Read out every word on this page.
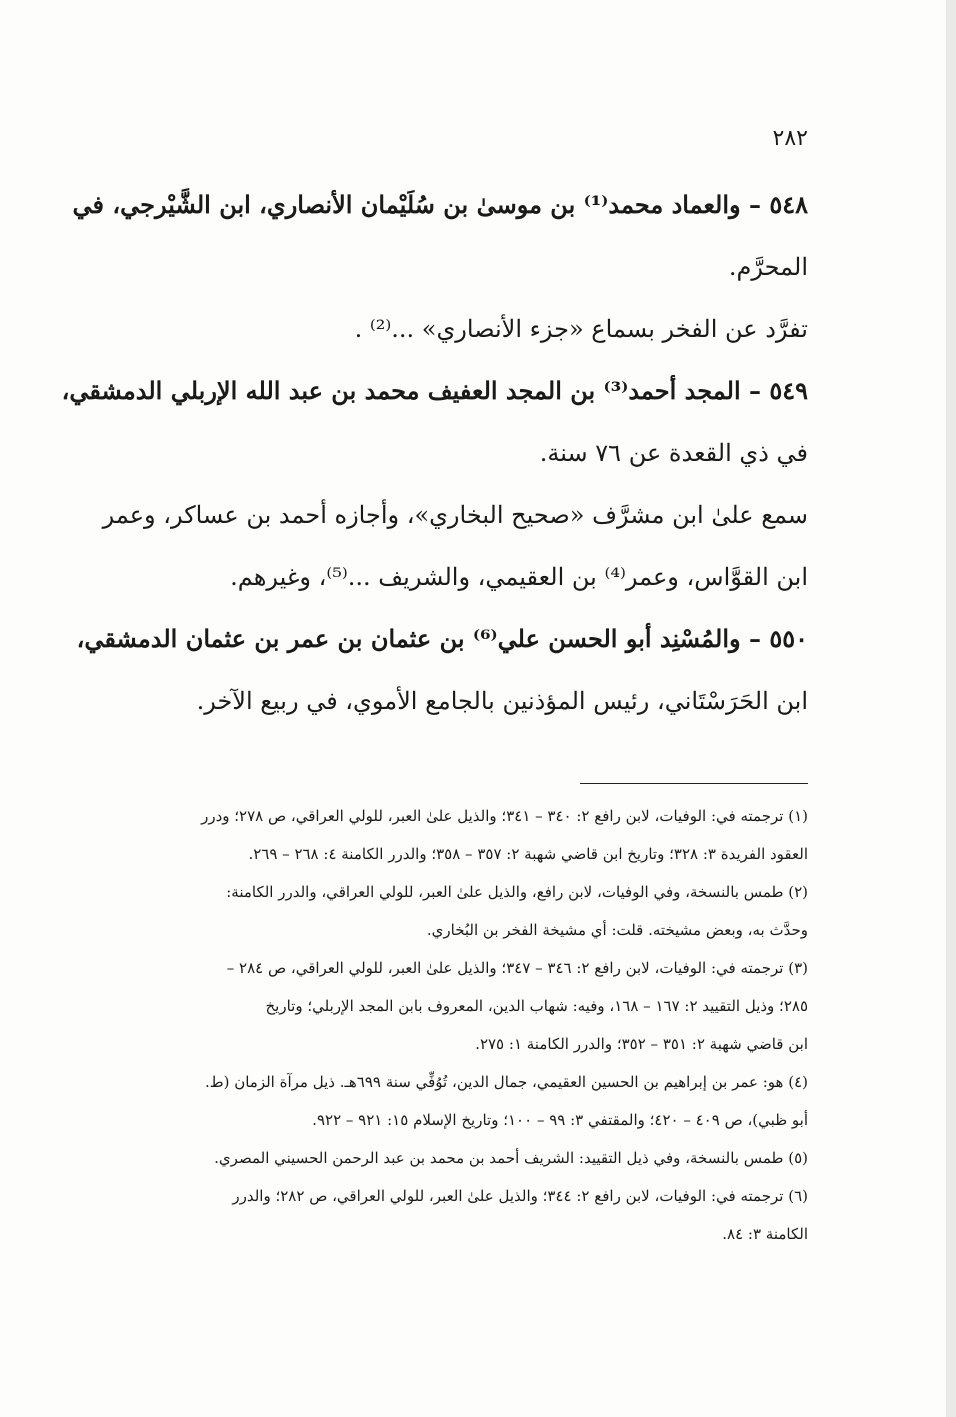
٢٨٢

٥٤٨ – والعماد محمد⁽¹⁾ بن موسىٰ بن سُلَيْمان الأنصاري، ابن الشَّيْرجي، في

المحرَّم.

تفرَّد عن الفخر بسماع «جزء الأنصاري» ...⁽²⁾ .

٥٤٩ – المجد أحمد⁽³⁾ بن المجد العفيف محمد بن عبد الله الإربلي الدمشقي،

في ذي القعدة عن ٧٦ سنة.

سمع علىٰ ابن مشرَّف «صحيح البخاري»، وأجازه أحمد بن عساكر، وعمر

ابن القوَّاس، وعمر⁽⁴⁾ بن العقيمي، والشريف ...⁽⁵⁾، وغيرهم.

٥٥٠ – والمُسْنِد أبو الحسن علي⁽⁶⁾ بن عثمان بن عمر بن عثمان الدمشقي،

ابن الحَرَسْتَاني، رئيس المؤذنين بالجامع الأموي، في ربيع الآخر.

(١) ترجمته في: الوفيات، لابن رافع ٢: ٣٤٠ – ٣٤١؛ والذيل علىٰ العبر، للولي العراقي، ص ٢٧٨؛ ودرر

العقود الفريدة ٣: ٣٢٨؛ وتاريخ ابن قاضي شهبة ٢: ٣٥٧ – ٣٥٨؛ والدرر الكامنة ٤: ٢٦٨ – ٢٦٩.

(٢) طمس بالنسخة، وفي الوفيات، لابن رافع، والذيل علىٰ العبر، للولي العراقي، والدرر الكامنة:

وحدَّث به، وبعض مشيخته. قلت: أي مشيخة الفخر بن البُخاري.

(٣) ترجمته في: الوفيات، لابن رافع ٢: ٣٤٦ – ٣٤٧؛ والذيل علىٰ العبر، للولي العراقي، ص ٢٨٤ –

٢٨٥؛ وذيل التقييد ٢: ١٦٧ – ١٦٨، وفيه: شهاب الدين، المعروف بابن المجد الإربلي؛ وتاريخ

ابن قاضي شهبة ٢: ٣٥١ – ٣٥٢؛ والدرر الكامنة ١: ٢٧٥.

(٤) هو: عمر بن إبراهيم بن الحسين العقيمي، جمال الدين، تُوُفِّي سنة ٦٩٩هـ. ذيل مرآة الزمان (ط.

أبو ظبي)، ص ٤٠٩ – ٤٢٠؛ والمقتفي ٣: ٩٩ – ١٠٠؛ وتاريخ الإسلام ١٥: ٩٢١ – ٩٢٢.

(٥) طمس بالنسخة، وفي ذيل التقييد: الشريف أحمد بن محمد بن عبد الرحمن الحسيني المصري.

(٦) ترجمته في: الوفيات، لابن رافع ٢: ٣٤٤؛ والذيل علىٰ العبر، للولي العراقي، ص ٢٨٢؛ والدرر

الكامنة ٣: ٨٤.
